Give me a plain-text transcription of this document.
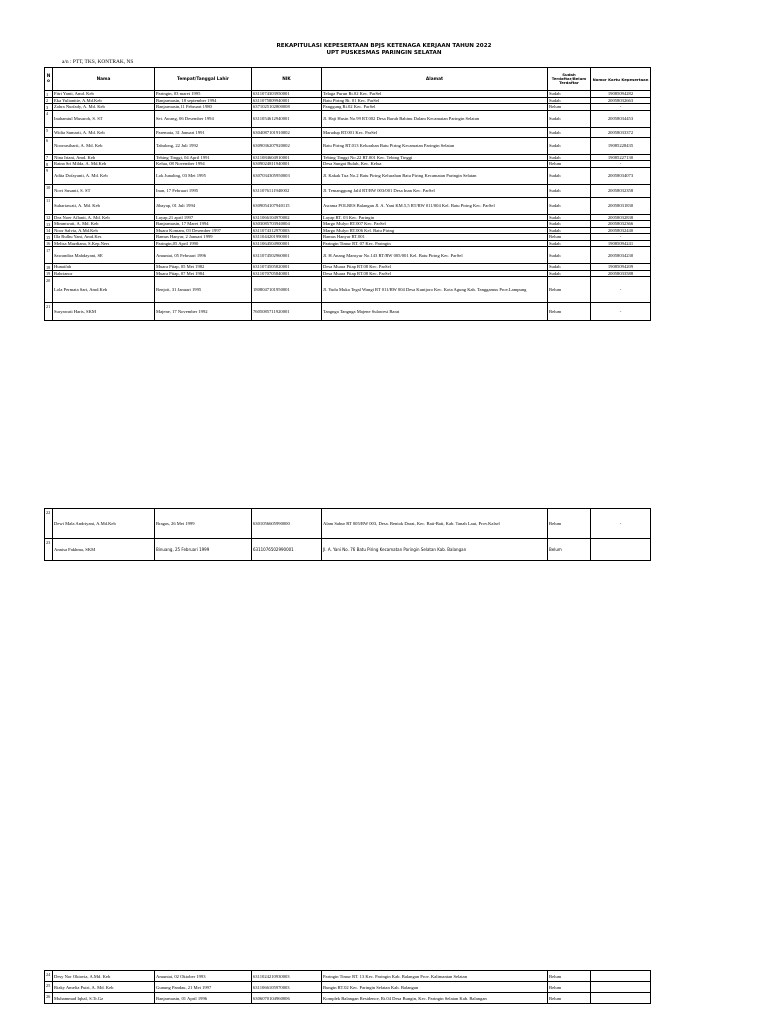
REKAPITULASI KEPESERTAAN BPJS KETENAGA KERJAAN TAHUN 2022
UPT PUSKESMAS PARINGIN SELATAN
a/n : PTT, TKS, KONTRAK, NS
No	Nama	Tempat/Tanggal Lahir	NIK	Alamat	Sudah Terdaftar/Belum Terdaftar	Nomor Kartu Kepesertaan
1	Fitri Yanti, Amd. Keb	Paringin, 03 maret 1995	6311074303950001	Telaga Purun Rt.02 Kec. ParSel	Sudah	19085094282
2	Eka Yulianitie, A.Md.Keb	Banjarmasin, 18 september 1994	6311075809940001	Batu Piring Rt. 01 Kec. ParSel	Sudah	20058032663
3	Zahra Nurfady, A. Md. Keb	Banjarmasin,11 Februari 1980	6371025102800008	Panggung Rt.02 Kec. ParSel	Belum	-
4	Inahamtul Musaroh, S. ST	Sei. Awang, 06 Desember 1994	6311054612940001	Jl. Haji Husin No.99 RT.002 Desa Baruh Bahinu Dalam Kecamatan Paringin Selatan	Sudah	20058034453
5	Widia Sumarti, A. Md. Keb	Paremata, 31 Januari 1991	6304087101910002	Marudup RT.001 Kec. ParSel	Sudah	20058033372
6	Noorrasiharti, A. Md. Keb	Tabalong, 22 Juli 1992	6309036207920002	Batu Piring RT.013 Kelurahan Batu Piring Kecamatan Paringin Selatan	Sudah	19085228435
7	Nina Iriani, Amd. Keb	Tebing Tinggi, 04 April 1991	6311084604910001	Tebing Tinggi No.22 RT.001 Kec. Tebing Tinggi	Sudah	19085227130
8	Raina Sri Milda, A. Md.Keb	Kelua, 08 November 1994	6309024811940001	Desa Sungai Buluh, Kec. Kelua	Belum	-
9	Adita Dofayanti, A. Md. Keb	Lok Junaling, 03 Mei 1995	6307034305950003	Jl. Kakak Tua No.2 Batu Piring Kelurahan Batu Piring Kecamatan Paringin Selatan	Sudah	20058034073
10	Novi Susanti, S. ST	Inan, 17 Februari 1995	6311076111940002	Jl. Temanggung Jalil RT/RW 003/001 Desa Inan Kec. ParSel	Sudah	20058032358
11	Suhariawati, A. Md. Keb	Jibayap, 01 Juli 1994	6309054107940115	Asrama POLRES Balangan Jl. A. Yani KM.5,5 RT/RW 011/004 Kel. Batu Piring Kec. ParSel	Sudah	20058031830
12	Dea Noer Aflanti, A. Md. Keb	Layap,21 april 1997	6311066104970002	Layap RT. 03 Kec. Paringin	Sudah	20058032838
13	Mimmwati, A. Md. Keb	Banjarmasin, 17 Maret 1994	6303085703940004	Margo Mulyo RT.007 Kec. ParSel	Sudah	20058032366
14	Noor Salvia, A.Md.Keb	Muara Komam, 03 Desember 1997	6311074312970003	Margo Mulyo RT.006 Kel. Batu Piring	Sudah	20058032440
15	Illa Rulhu Yani, Amd.Kes	Bamus Hanyar, 2 Januari 1999	6311044201990001	Bamus Hanyar RT.001	Belum	-
16	Melisa Mazdiana, S.Kep.Ners	Paringin,05 April 1990	6311064504900001	Paringin Timur RT. 07 Kec. Paringin	Sudah	19085094241
17	Sawandira Mahdayani, SE	Amuntai, 05 Februari 1996	6311074502960001	Jl. H.Anang Mansyur No.143 RT/RW 005/001 Kel. Batu Piring Kec. ParSel	Sudah	20058034230
18	Hunaifah	Muara Pitap, 05 Mei 1982	6311074505820001	Desa Muara Pitap RT.08 Kec. ParSel	Sudah	19085094209
19	Bahrianor	Muara Pitap, 07 Mei 1984	6311070705840001	Desa Muara Pitap RT.08 Kec. ParSel	Sudah	20058033588
20	Lola Permata Sari, Amd.Keb	Benjoit, 31 Januari 1995	1808047101950001	Jl. Yudu Muka Tegal Wangi RT 011/RW 004 Desa Kuntjoro Kec. Kota Agung Kab. Tanggamus Prov.Lampung	Belum	-
21	Suryawati Haris, SKM	Majene, 17 November 1992	7605085711920001	Tangnga Tangnga Majene Sulawesi Barat	Belum	-
22	Dewi Mala Andriyani, A.Md.Keb	Bragas, 26 Mei 1999	6301056605990000	Alam Sabur RT 005/RW 003, Desa. Bentok Darat, Kec. Bati-Bati, Kab. Tanah Laut, Prov.Kalsel	Belum	-
23	Annisa Fakhma, SKM	Binuang, 25 Februari 1999	6311076502990001	Jl. A. Yani No. 76 Batu Piring Kecamatan Paringin Selatan Kab. Balangan	Belum	
24	Desy Nor Oktavia, A.Md. Keb	Amuntai, 02 Oktober 1993	6311024210930003	Paringin Timur RT. 13 Kec. Paringin Kab. Balangan Prov. Kalimantan Selatan	Belum	
25	Rizky Amelia Putri, A. Md. Keb	Gunung Pandau, 21 Mei 1997	6311066105970003	Bungin RT.02 Kec. Paringin Selatan Kab. Balangan	Belum	
26	Muhammad Iqbal, S.Tr.Gz	Banjarmasin, 01 April 1996	6306070104960006	Komplek Balangan Residence, Rt.04 Desa Bungin, Kec. Paringin Selatan Kab. Balangan	Belum	
